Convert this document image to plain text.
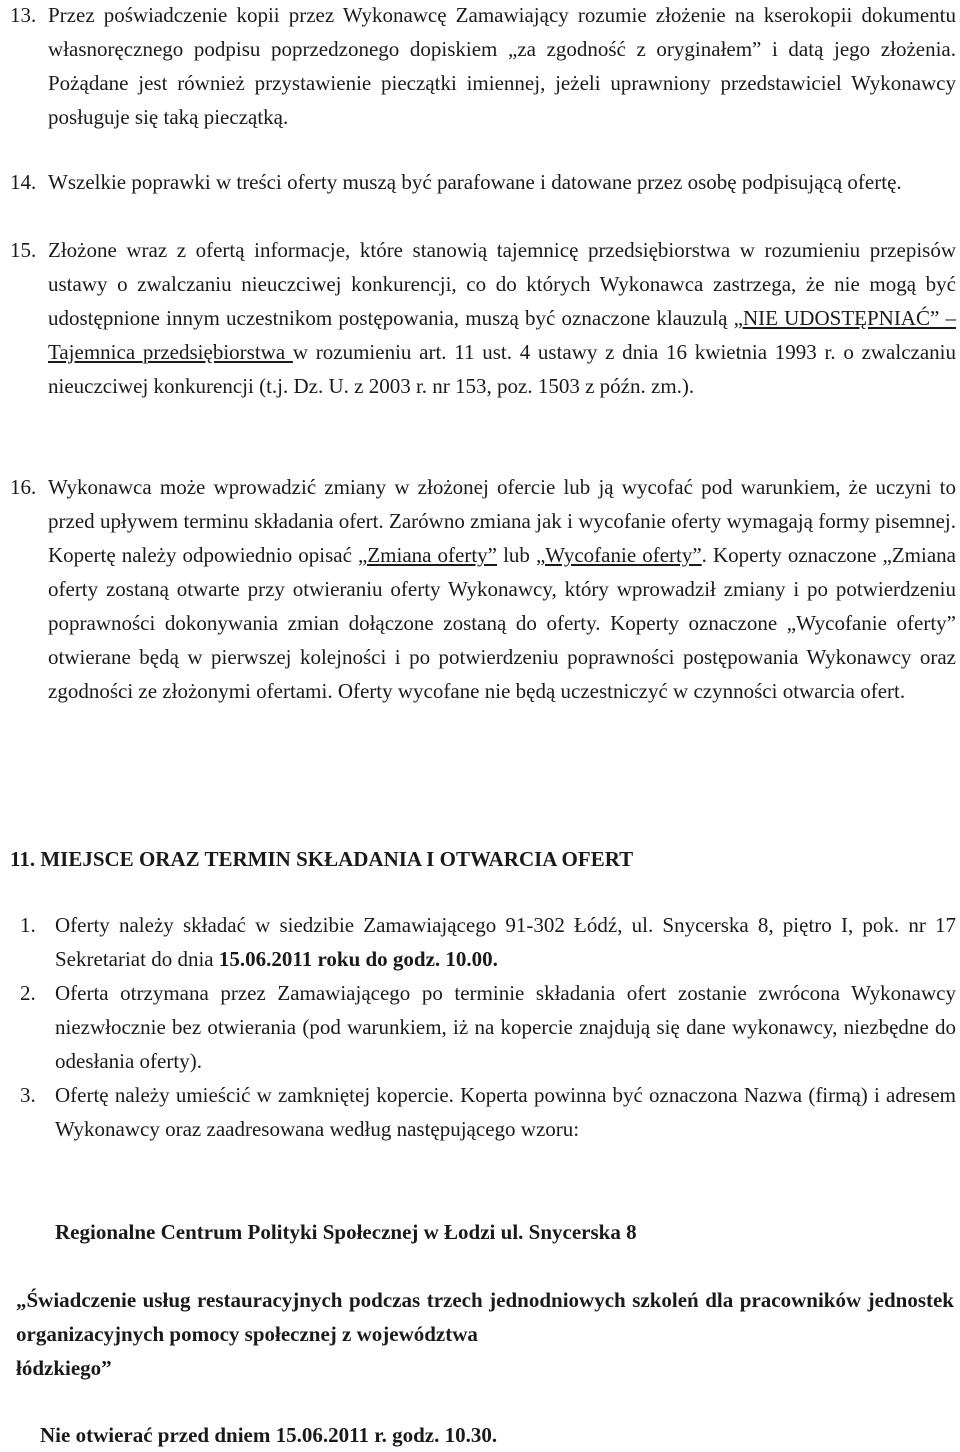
13. Przez poświadczenie kopii przez Wykonawcę Zamawiający rozumie złożenie na kserokopii dokumentu własnoręcznego podpisu poprzedzonego dopiskiem „za zgodność z oryginałem” i datą jego złożenia. Pożądane jest również przystawienie pieczątki imiennej, jeżeli uprawniony przedstawiciel Wykonawcy posługuje się taką pieczątką.
14. Wszelkie poprawki w treści oferty muszą być parafowane i datowane przez osobę podpisującą ofertę.
15. Złożone wraz z ofertą informacje, które stanowią tajemnicę przedsiębiorstwa w rozumieniu przepisów ustawy o zwalczaniu nieuczciwej konkurencji, co do których Wykonawca zastrzega, że nie mogą być udostępnione innym uczestnikom postępowania, muszą być oznaczone klauzulą „NIE UDOSTĘPNIAĆ” – Tajemnica przedsiębiorstwa w rozumieniu art. 11 ust. 4 ustawy z dnia 16 kwietnia 1993 r. o zwalczaniu nieuczciwej konkurencji (t.j. Dz. U. z 2003 r. nr 153, poz. 1503 z późn. zm.).
16. Wykonawca może wprowadzić zmiany w złożonej ofercie lub ją wycofać pod warunkiem, że uczyni to przed upływem terminu składania ofert. Zarówno zmiana jak i wycofanie oferty wymagają formy pisemnej. Kopertę należy odpowiednio opisać „Zmiana oferty” lub „Wycofanie oferty”. Koperty oznaczone „Zmiana oferty zostaną otwarte przy otwieraniu oferty Wykonawcy, który wprowadził zmiany i po potwierdzeniu poprawności dokonywania zmian dołączone zostaną do oferty. Koperty oznaczone „Wycofanie oferty” otwierane będą w pierwszej kolejności i po potwierdzeniu poprawności postępowania Wykonawcy oraz zgodności ze złożonymi ofertami. Oferty wycofane nie będą uczestniczyć w czynności otwarcia ofert.
11. MIEJSCE ORAZ TERMIN SKŁADANIA I OTWARCIA OFERT
1. Oferty należy składać w siedzibie Zamawiającego 91-302 Łódź, ul. Snycerska 8, piętro I, pok. nr 17 Sekretariat do dnia 15.06.2011 roku do godz. 10.00.
2. Oferta otrzymana przez Zamawiającego po terminie składania ofert zostanie zwrócona Wykonawcy niezwłocznie bez otwierania (pod warunkiem, iż na kopercie znajdują się dane wykonawcy, niezbędne do odesłania oferty).
3. Ofertę należy umieścić w zamkniętej kopercie. Koperta powinna być oznaczona Nazwa (firmą) i adresem Wykonawcy oraz zaadresowana według następującego wzoru:
Regionalne Centrum Polityki Społecznej w Łodzi ul. Snycerska 8
„Świadczenie usług restauracyjnych podczas trzech jednodniowych szkoleń dla pracowników jednostek organizacyjnych pomocy społecznej z województwa
łódzkiego”
Nie otwierać przed dniem 15.06.2011 r. godz. 10.30.
